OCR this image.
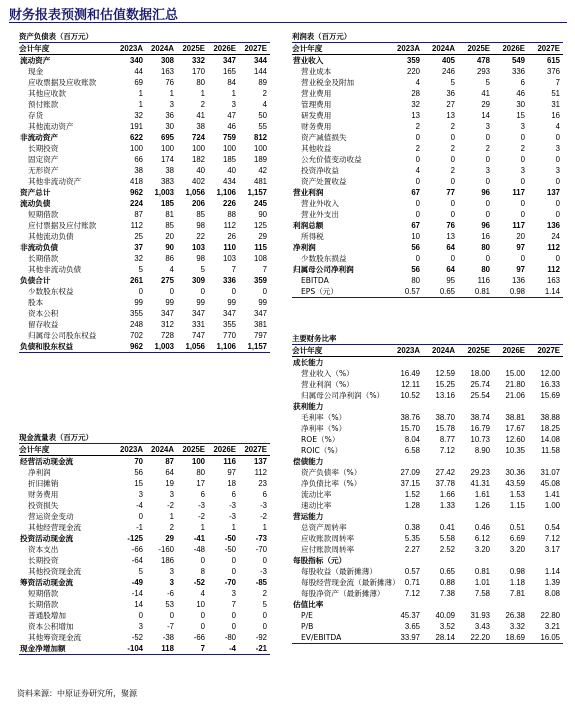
财务报表预测和估值数据汇总
资产负债表（百万元）					
会计年度	2023A	2024A	2025E	2026E	2027E
流动资产	340	308	332	347	344
现金	44	163	170	165	144
应收票据及应收账款	69	76	80	84	89
其他应收款	1	1	1	1	2
预付账款	1	3	2	3	4
存货	32	36	41	47	50
其他流动资产	191	30	38	46	55
非流动资产	622	695	724	759	812
长期投资	100	100	100	100	100
固定资产	66	174	182	185	189
无形资产	38	38	40	40	42
其他非流动资产	418	383	402	434	481
资产总计	962	1,003	1,056	1,106	1,157
流动负债	224	185	206	226	245
短期借款	87	81	85	88	90
应付票据及应付账款	112	85	98	112	125
其他流动负债	25	20	22	26	29
非流动负债	37	90	103	110	115
长期借款	32	86	98	103	108
其他非流动负债	5	4	5	7	7
负债合计	261	275	309	336	359
少数股东权益	0	0	0	0	0
股本	99	99	99	99	99
资本公积	355	347	347	347	347
留存收益	248	312	331	355	381
归属母公司股东权益	702	728	747	770	797
负债和股东权益	962	1,003	1,056	1,106	1,157
利润表（百万元）					
会计年度	2023A	2024A	2025E	2026E	2027E
营业收入	359	405	478	549	615
营业成本	220	246	293	336	376
营业税金及附加	4	5	5	6	7
营业费用	28	36	41	46	51
管理费用	32	27	29	30	31
研发费用	13	13	14	15	16
财务费用	2	2	3	3	4
资产减值损失	0	0	0	0	0
其他收益	2	2	2	2	3
公允价值变动收益	0	0	0	0	0
投资净收益	4	2	3	3	3
资产处置收益	0	0	0	0	0
营业利润	67	77	96	117	137
营业外收入	0	0	0	0	0
营业外支出	0	0	0	0	0
利润总额	67	76	96	117	136
所得税	10	13	16	20	24
净利润	56	64	80	97	112
少数股东损益	0	0	0	0	0
归属母公司净利润	56	64	80	97	112
EBITDA	80	95	116	136	163
EPS（元）	0.57	0.65	0.81	0.98	1.14
主要财务比率					
会计年度	2023A	2024A	2025E	2026E	2027E
成长能力					
营业收入（%）	16.49	12.59	18.00	15.00	12.00
营业利润（%）	12.11	15.25	25.74	21.80	16.33
归属母公司净利润（%）	10.52	13.16	25.54	21.06	15.69
获利能力					
毛利率（%）	38.76	38.70	38.74	38.81	38.88
净利率（%）	15.70	15.78	16.79	17.67	18.25
ROE（%）	8.04	8.77	10.73	12.60	14.08
ROIC（%）	6.58	7.12	8.90	10.35	11.58
偿债能力					
资产负债率（%）	27.09	27.42	29.23	30.36	31.07
净负债比率（%）	37.15	37.78	41.31	43.59	45.08
流动比率	1.52	1.66	1.61	1.53	1.41
速动比率	1.28	1.33	1.26	1.15	1.00
营运能力					
总资产周转率	0.38	0.41	0.46	0.51	0.54
应收账款周转率	5.35	5.58	6.12	6.69	7.12
应付账款周转率	2.27	2.52	3.20	3.20	3.17
每股指标（元）					
每股收益（最新摊薄）	0.57	0.65	0.81	0.98	1.14
每股经营现金流（最新摊薄）	0.71	0.88	1.01	1.18	1.39
每股净资产（最新摊薄）	7.12	7.38	7.58	7.81	8.08
估值比率					
P/E	45.37	40.09	31.93	26.38	22.80
P/B	3.65	3.52	3.43	3.32	3.21
EV/EBITDA	33.97	28.14	22.20	18.69	16.05
现金流量表（百万元）					
会计年度	2023A	2024A	2025E	2026E	2027E
经营活动现金流	70	87	100	116	137
净利润	56	64	80	97	112
折旧摊销	15	19	17	18	23
财务费用	3	3	6	6	6
投资损失	-4	-2	-3	-3	-3
营运资金变动	0	1	-2	-3	-2
其他经营现金流	-1	2	1	1	1
投资活动现金流	-125	29	-41	-50	-73
资本支出	-66	-160	-48	-50	-70
长期投资	-64	186	0	0	0
其他投资现金流	5	3	8	0	-3
筹资活动现金流	-49	3	-52	-70	-85
短期借款	-14	-6	4	3	2
长期借款	14	53	10	7	5
普通股增加	0	0	0	0	0
资本公积增加	3	-7	0	0	0
其他筹资现金流	-52	-38	-66	-80	-92
现金净增加额	-104	118	7	-4	-21
资料来源：中原证券研究所，聚源
